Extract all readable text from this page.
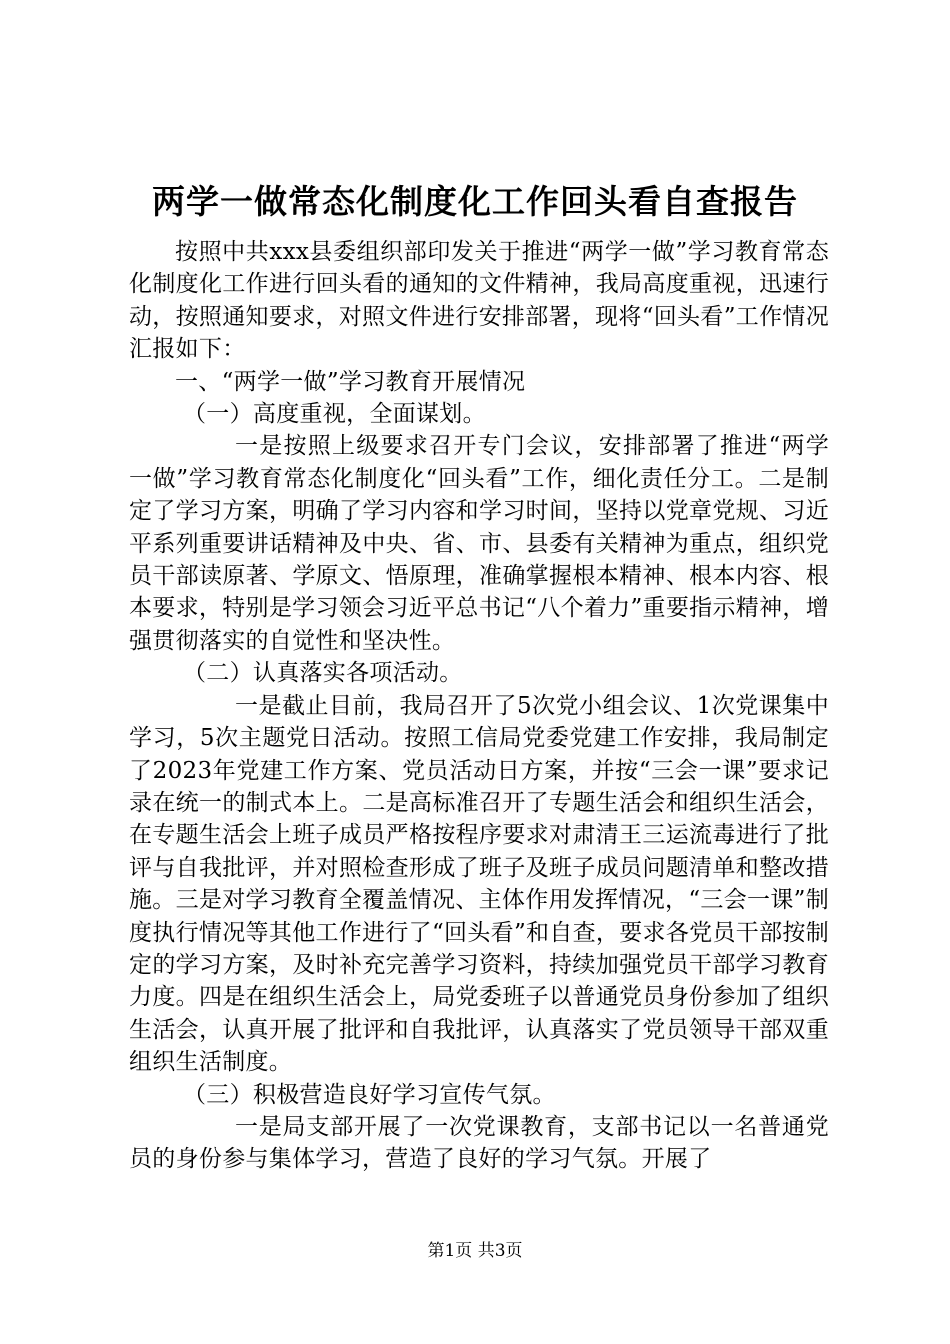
两学一做常态化制度化工作回头看自查报告

按照中共xxx县委组织部印发关于推进“两学一做”学习教育常态化制度化工作进行回头看的通知的文件精神，我局高度重视，迅速行动，按照通知要求，对照文件进行安排部署，现将“回头看”工作情况汇报如下：

一、“两学一做”学习教育开展情况

（一）高度重视，全面谋划。

一是按照上级要求召开专门会议，安排部署了推进“两学一做”学习教育常态化制度化“回头看”工作，细化责任分工。二是制定了学习方案，明确了学习内容和学习时间，坚持以党章党规、习近平系列重要讲话精神及中央、省、市、县委有关精神为重点，组织党员干部读原著、学原文、悟原理，准确掌握根本精神、根本内容、根本要求，特别是学习领会习近平总书记“八个着力”重要指示精神，增强贯彻落实的自觉性和坚决性。

（二）认真落实各项活动。

一是截止目前，我局召开了5次党小组会议、1次党课集中学习，5次主题党日活动。按照工信局党委党建工作安排，我局制定了2023年党建工作方案、党员活动日方案，并按“三会一课”要求记录在统一的制式本上。二是高标准召开了专题生活会和组织生活会，在专题生活会上班子成员严格按程序要求对肃清王三运流毒进行了批评与自我批评，并对照检查形成了班子及班子成员问题清单和整改措施。三是对学习教育全覆盖情况、主体作用发挥情况，“三会一课”制度执行情况等其他工作进行了“回头看”和自查，要求各党员干部按制定的学习方案，及时补充完善学习资料，持续加强党员干部学习教育力度。四是在组织生活会上，局党委班子以普通党员身份参加了组织生活会，认真开展了批评和自我批评，认真落实了党员领导干部双重组织生活制度。

（三）积极营造良好学习宣传气氛。

一是局支部开展了一次党课教育，支部书记以一名普通党员的身份参与集体学习，营造了良好的学习气氛。开展了

第1页 共3页
